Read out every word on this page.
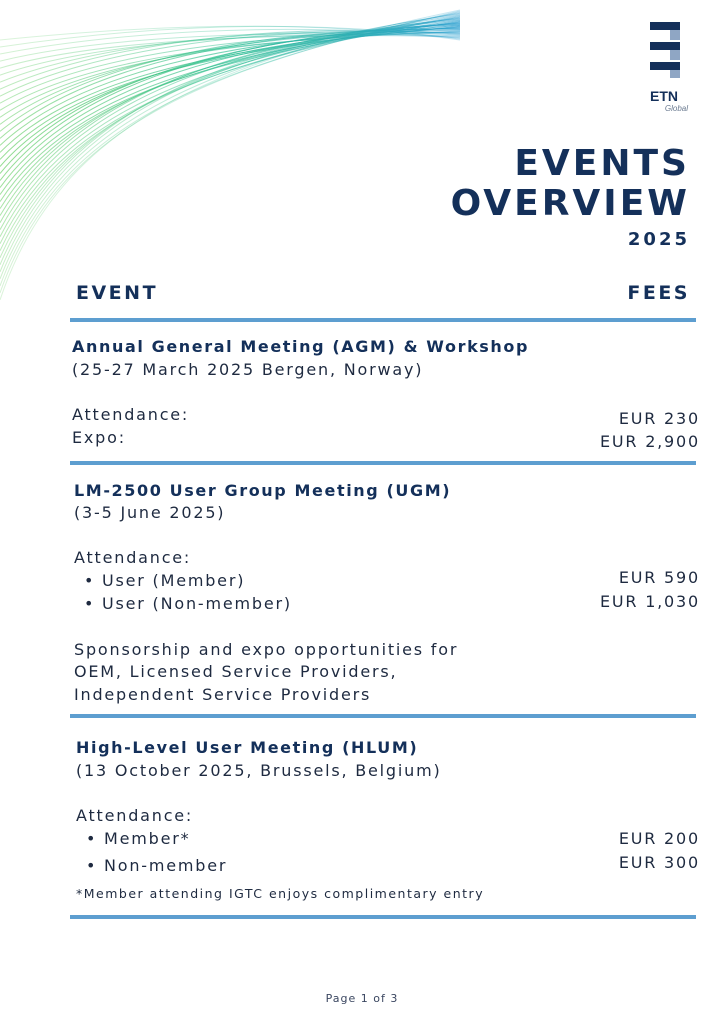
ETN
Global
EVENTS
OVERVIEW
2025
EVENT	FEES
Annual General Meeting (AGM) & Workshop
(25-27 March 2025 Bergen, Norway)
Attendance:
Expo:
EUR 230
EUR 2,900
LM-2500 User Group Meeting (UGM)
(3-5 June 2025)
Attendance:
• User (Member)
• User (Non-member)
EUR 590
EUR 1,030
Sponsorship and expo opportunities for
OEM, Licensed Service Providers,
Independent Service Providers
High-Level User Meeting (HLUM)
(13 October 2025, Brussels, Belgium)
Attendance:
• Member*
• Non-member
EUR 200
EUR 300
*Member attending IGTC enjoys complimentary entry
Page 1 of 3
